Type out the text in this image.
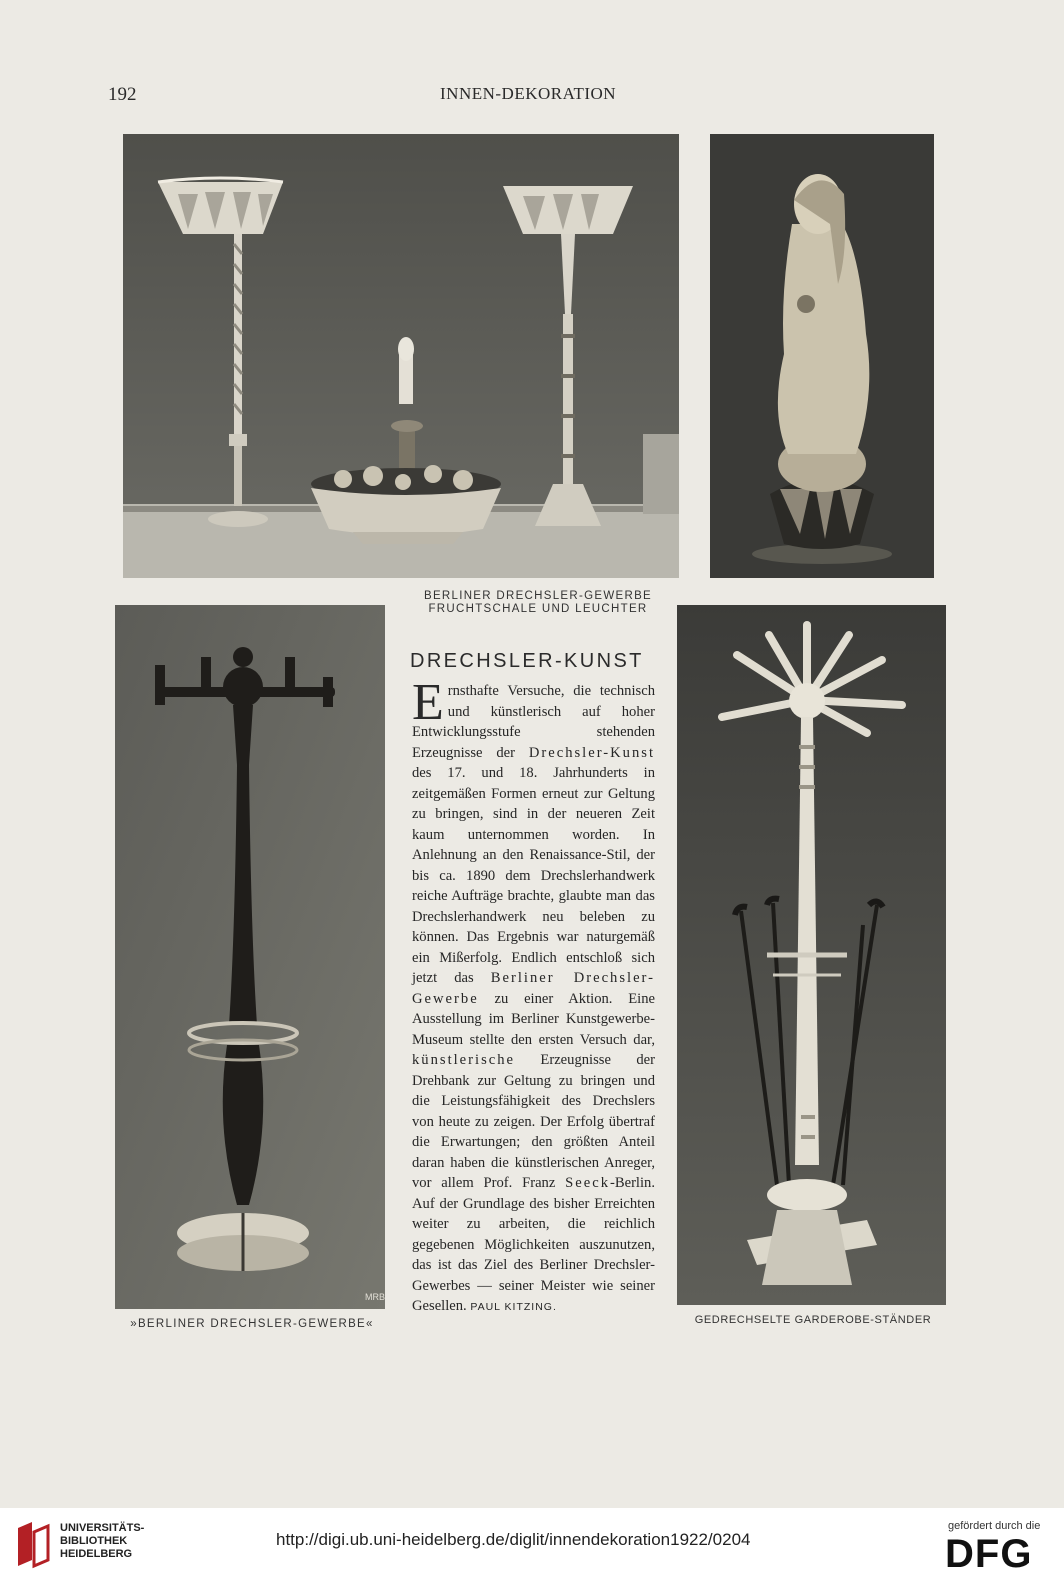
192	INNEN-DEKORATION
BERLINER DRECHSLER-GEWERBE
FRUCHTSCHALE UND LEUCHTER
MRB
DRECHSLER-KUNST
Ernsthafte Versuche, die technisch und künstlerisch auf hoher Entwicklungsstufe stehenden Erzeugnisse der Drechsler-Kunst des 17. und 18. Jahrhunderts in zeitgemäßen Formen erneut zur Geltung zu bringen, sind in der neueren Zeit kaum unternommen worden. In Anlehnung an den Renaissance-Stil, der bis ca. 1890 dem Drechslerhandwerk reiche Aufträge brachte, glaubte man das Drechslerhandwerk neu beleben zu können. Das Ergebnis war naturgemäß ein Mißerfolg. Endlich entschloß sich jetzt das Berliner Drechsler-Gewerbe zu einer Aktion. Eine Ausstellung im Berliner Kunstgewerbe-Museum stellte den ersten Versuch dar, künstlerische Erzeugnisse der Drehbank zur Geltung zu bringen und die Leistungsfähigkeit des Drechslers von heute zu zeigen. Der Erfolg übertraf die Erwartungen; den größten Anteil daran haben die künstlerischen Anreger, vor allem Prof. Franz Seeck-Berlin. Auf der Grundlage des bisher Erreichten weiter zu arbeiten, die reichlich gegebenen Möglichkeiten auszunutzen, das ist das Ziel des Berliner Drechsler-Gewerbes — seiner Meister wie seiner Gesellen. PAUL KITZING.
»BERLINER DRECHSLER-GEWERBE«	GEDRECHSELTE GARDEROBE-STÄNDER
UNIVERSITÄTS-
BIBLIOTHEK
HEIDELBERG
http://digi.ub.uni-heidelberg.de/diglit/innendekoration1922/0204
gefördert durch die
DFG
